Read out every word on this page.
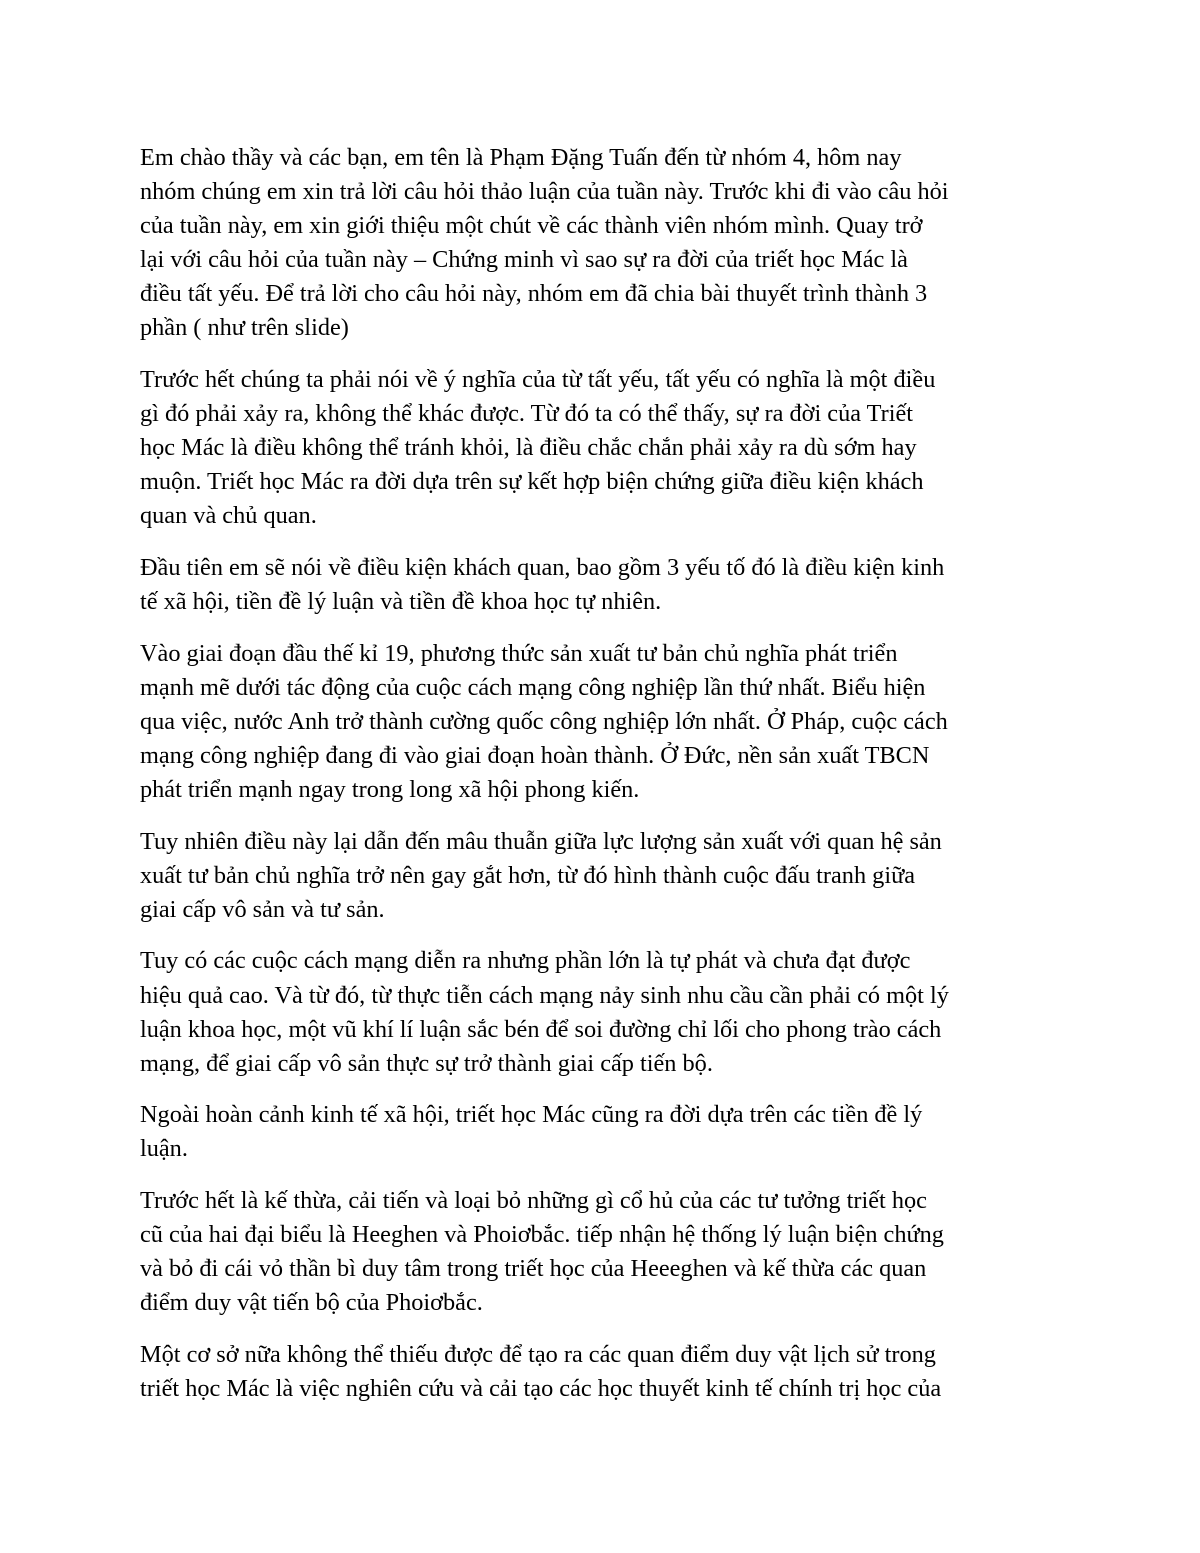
Em chào thầy và các bạn, em tên là Phạm Đặng Tuấn đến từ nhóm 4, hôm nay
nhóm chúng em xin trả lời câu hỏi thảo luận của tuần này. Trước khi đi vào câu hỏi
của tuần này, em xin giới thiệu một chút về các thành viên nhóm mình. Quay trở
lại với câu hỏi của tuần này – Chứng minh vì sao sự ra đời của triết học Mác là
điều tất yếu. Để trả lời cho câu hỏi này, nhóm em đã chia bài thuyết trình thành 3
phần ( như trên slide)

Trước hết chúng ta phải nói về ý nghĩa của từ tất yếu, tất yếu có nghĩa là một điều
gì đó phải xảy ra, không thể khác được. Từ đó ta có thể thấy, sự ra đời của Triết
học Mác là điều không thể tránh khỏi, là điều chắc chắn phải xảy ra dù sớm hay
muộn. Triết học Mác ra đời dựa trên sự kết hợp biện chứng giữa điều kiện khách
quan và chủ quan.

Đầu tiên em sẽ nói về điều kiện khách quan, bao gồm 3 yếu tố đó là điều kiện kinh
tế xã hội, tiền đề lý luận và tiền đề khoa học tự nhiên.

Vào giai đoạn đầu thế kỉ 19, phương thức sản xuất tư bản chủ nghĩa phát triển
mạnh mẽ dưới tác động của cuộc cách mạng công nghiệp lần thứ nhất. Biểu hiện
qua việc, nước Anh trở thành cường quốc công nghiệp lớn nhất. Ở Pháp, cuộc cách
mạng công nghiệp đang đi vào giai đoạn hoàn thành. Ở Đức, nền sản xuất TBCN
phát triển mạnh ngay trong long xã hội phong kiến.

Tuy nhiên điều này lại dẫn đến mâu thuẫn giữa lực lượng sản xuất với quan hệ sản
xuất tư bản chủ nghĩa trở nên gay gắt hơn, từ đó hình thành cuộc đấu tranh giữa
giai cấp vô sản và tư sản.

Tuy có các cuộc cách mạng diễn ra nhưng phần lớn là tự phát và chưa đạt được
hiệu quả cao. Và từ đó, từ thực tiễn cách mạng nảy sinh nhu cầu cần phải có một lý
luận khoa học, một vũ khí lí luận sắc bén để soi đường chỉ lối cho phong trào cách
mạng, để giai cấp vô sản thực sự trở thành giai cấp tiến bộ.

Ngoài hoàn cảnh kinh tế xã hội, triết học Mác cũng ra đời dựa trên các tiền đề lý
luận.

Trước hết là kế thừa, cải tiến và loại bỏ những gì cổ hủ của các tư tưởng triết học
cũ của hai đại biểu là Heeghen và Phoiơbắc. tiếp nhận hệ thống lý luận biện chứng
và bỏ đi cái vỏ thần bì duy tâm trong triết học của Heeeghen và kế thừa các quan
điểm duy vật tiến bộ của Phoiơbắc.

Một cơ sở nữa không thể thiếu được để tạo ra các quan điểm duy vật lịch sử trong
triết học Mác là việc nghiên cứu và cải tạo các học thuyết kinh tế chính trị học của
